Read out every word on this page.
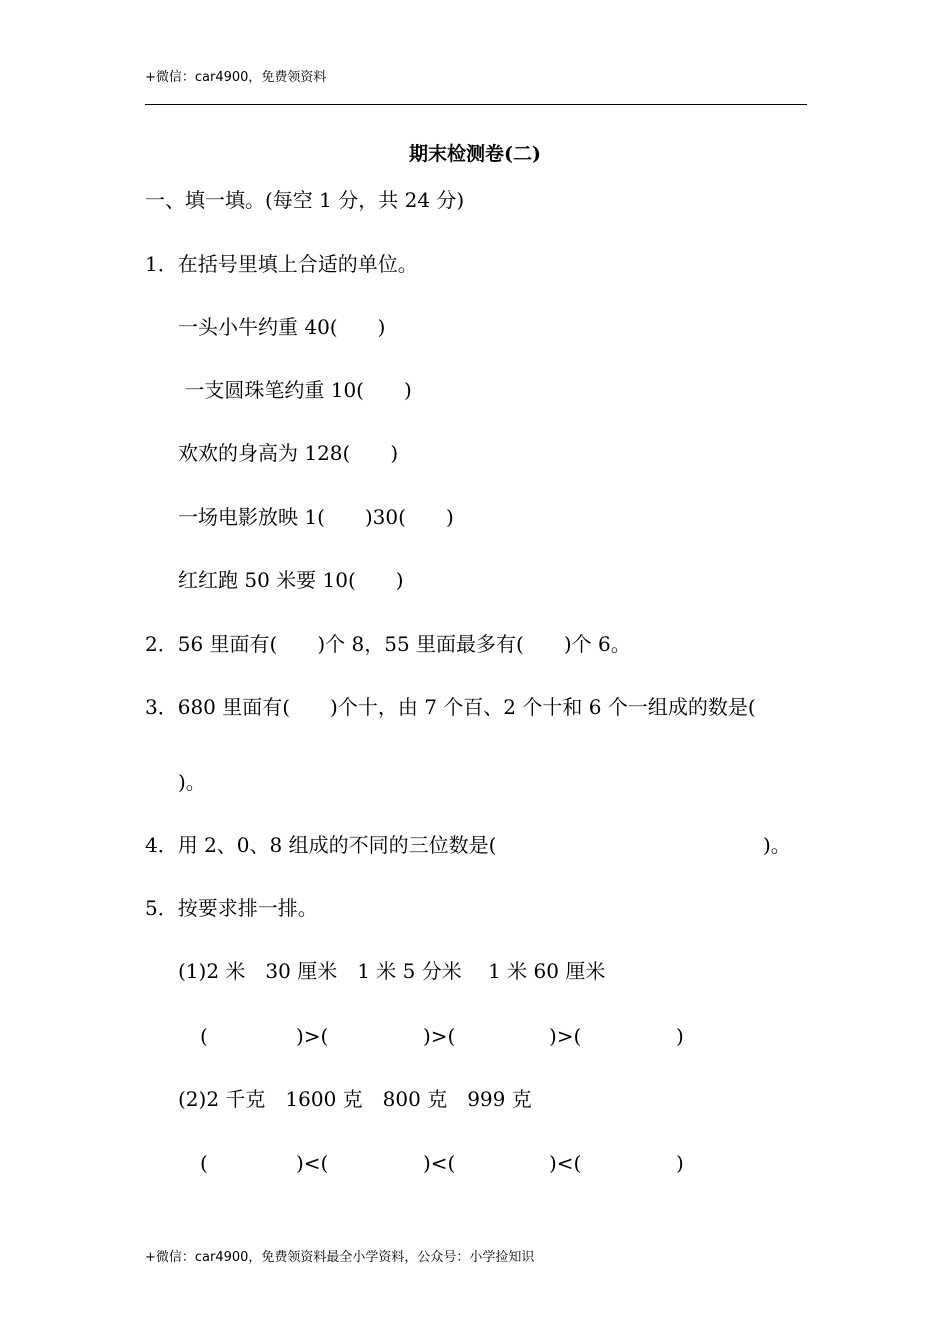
+微信：car4900，免费领资料
期末检测卷(二)
一、填一填。(每空 1 分，共 24 分)
1．在括号里填上合适的单位。
一头小牛约重 40(　　)
一支圆珠笔约重 10(　　)
欢欢的身高为 128(　　)
一场电影放映 1(　　)30(　　)
红红跑 50 米要 10(　　)
2．56 里面有(　　)个 8，55 里面最多有(　　)个 6。
3．680 里面有(　　)个十，由 7 个百、2 个十和 6 个一组成的数是(
)。
4．用 2、0、8 组成的不同的三位数是(	)。
5．按要求排一排。
(1)2 米　30 厘米　1 米 5 分米　 1 米 60 厘米
(	)>(	)>(	)>(	)
(2)2 千克　1600 克　800 克　999 克
(	)<(	)<(	)<(	)
+微信：car4900，免费领资料最全小学资料，公众号：小学捡知识
